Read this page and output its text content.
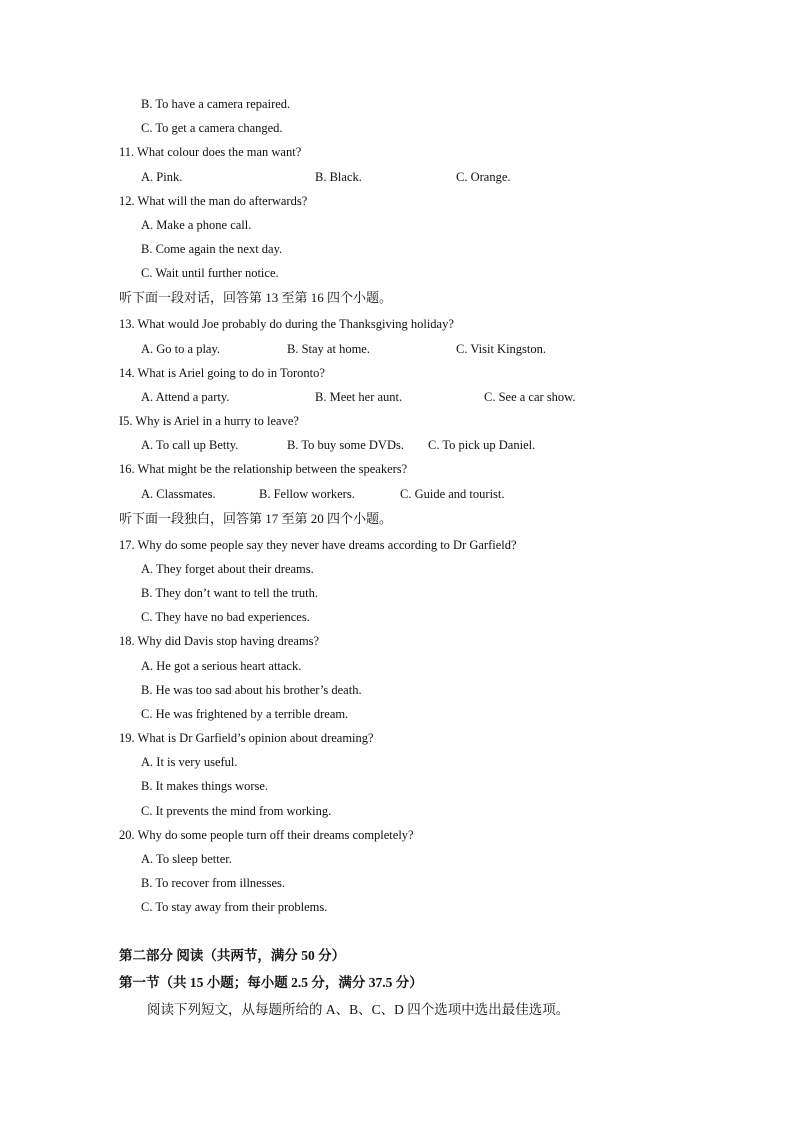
B. To have a camera repaired.
C. To get a camera changed.
11. What colour does the man want?
A. Pink.	B. Black.	C. Orange.
12. What will the man do afterwards?
A. Make a phone call.
B. Come again the next day.
C. Wait until further notice.
听下面一段对话，回答第 13 至第 16 四个小题。
13. What would Joe probably do during the Thanksgiving holiday?
A. Go to a play.	B. Stay at home.	C. Visit Kingston.
14. What is Ariel going to do in Toronto?
A. Attend a party.	B. Meet her aunt.	C. See a car show.
I5. Why is Ariel in a hurry to leave?
A. To call up Betty.	B. To buy some DVDs. C. To pick up Daniel.
16. What might be the relationship between the speakers?
A. Classmates.	B. Fellow workers.	C. Guide and tourist.
听下面一段独白，回答第 17 至第 20 四个小题。
17. Why do some people say they never have dreams according to Dr Garfield?
A. They forget about their dreams.
B. They don’t want to tell the truth.
C. They have no bad experiences.
18. Why did Davis stop having dreams?
A. He got a serious heart attack.
B. He was too sad about his brother’s death.
C. He was frightened by a terrible dream.
19. What is Dr Garfield’s opinion about dreaming?
A. It is very useful.
B. It makes things worse.
C. It prevents the mind from working.
20. Why do some people turn off their dreams completely?
A. To sleep better.
B. To recover from illnesses.
C. To stay away from their problems.
第二部分 阅读（共两节，满分 50 分）
第一节（共 15 小题；每小题 2.5 分，满分 37.5 分）
阅读下列短文，从每题所给的 A、B、C、D 四个选项中选出最佳选项。
